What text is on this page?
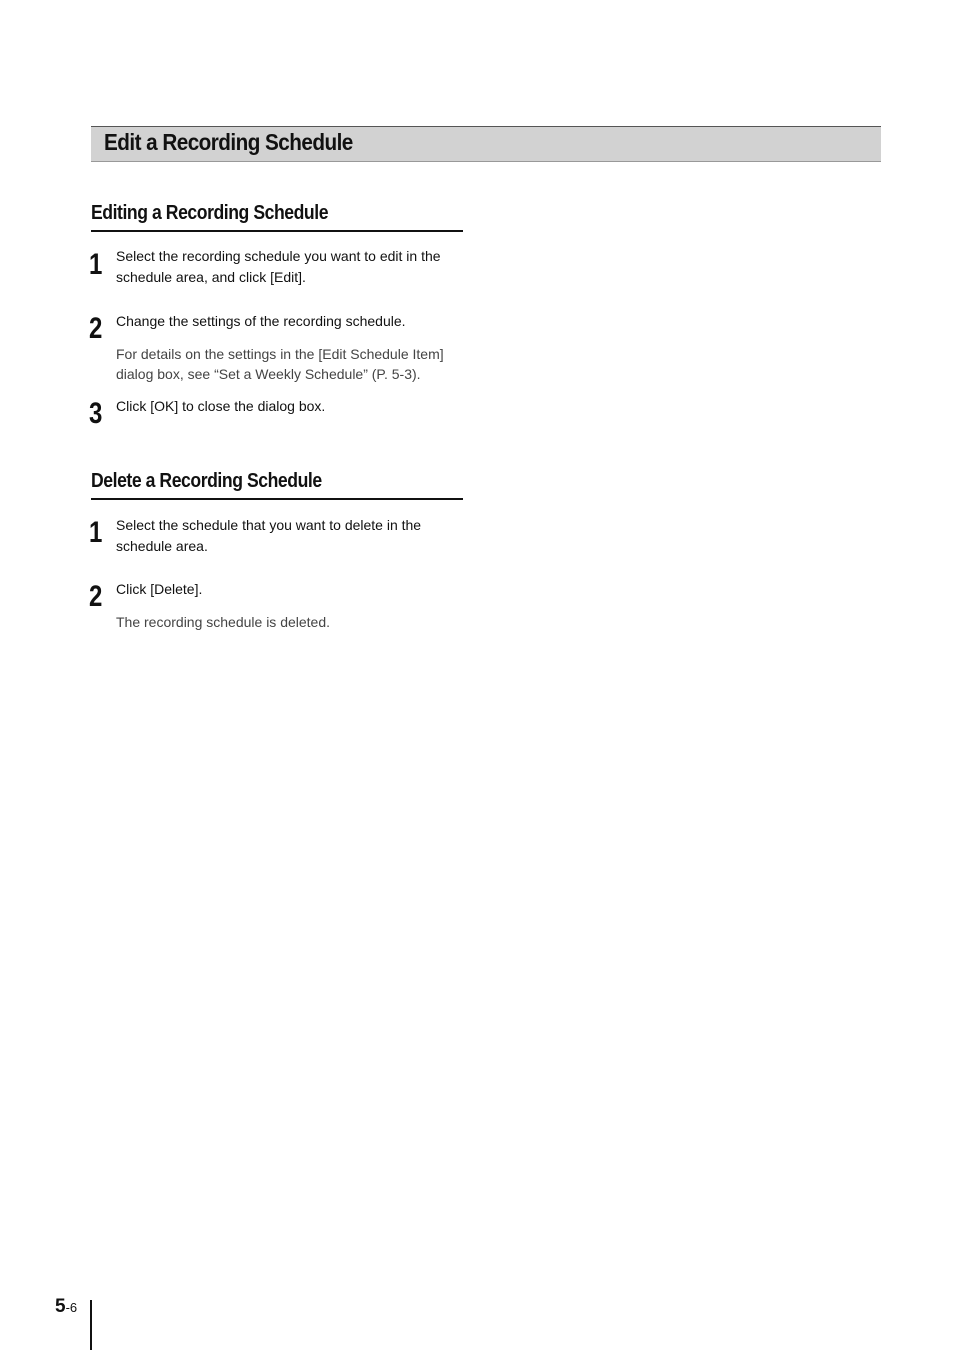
Edit a Recording Schedule
Editing a Recording Schedule
1 Select the recording schedule you want to edit in the schedule area, and click [Edit].
2 Change the settings of the recording schedule.
For details on the settings in the [Edit Schedule Item] dialog box, see “Set a Weekly Schedule” (P. 5-3).
3 Click [OK] to close the dialog box.
Delete a Recording Schedule
1 Select the schedule that you want to delete in the schedule area.
2 Click [Delete].
The recording schedule is deleted.
5-6
